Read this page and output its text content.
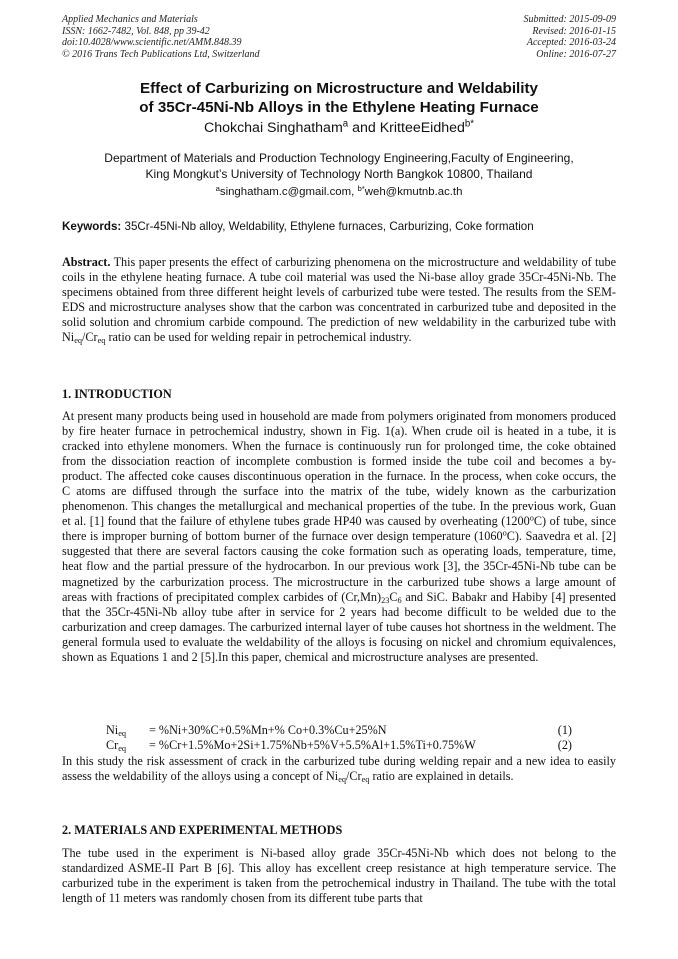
Applied Mechanics and Materials
ISSN: 1662-7482, Vol. 848, pp 39-42
doi:10.4028/www.scientific.net/AMM.848.39
© 2016 Trans Tech Publications Ltd, Switzerland
Submitted: 2015-09-09
Revised: 2016-01-15
Accepted: 2016-03-24
Online: 2016-07-27
Effect of Carburizing on Microstructure and Weldability
of 35Cr-45Ni-Nb Alloys in the Ethylene Heating Furnace
Chokchai Singhatham$^a$ and KritteeEidhed$^{b*}$
Department of Materials and Production Technology Engineering,Faculty of Engineering,
King Mongkut’s University of Technology North Bangkok 10800, Thailand
$^a$singhatham.c@gmail.com, $^{b*}$weh@kmutnb.ac.th
Keywords: 35Cr-45Ni-Nb alloy, Weldability, Ethylene furnaces, Carburizing, Coke formation
Abstract. This paper presents the effect of carburizing phenomena on the microstructure and weldability of tube coils in the ethylene heating furnace. A tube coil material was used the Ni-base alloy grade 35Cr-45Ni-Nb. The specimens obtained from three different height levels of carburized tube were tested. The results from the SEM-EDS and microstructure analyses show that the carbon was concentrated in carburized tube and deposited in the solid solution and chromium carbide compound. The prediction of new weldability in the carburized tube with $Ni_{eq}/Cr_{eq}$ ratio can be used for welding repair in petrochemical industry.
1. INTRODUCTION
At present many products being used in household are made from polymers originated from monomers produced by fire heater furnace in petrochemical industry, shown in Fig. 1(a). When crude oil is heated in a tube, it is cracked into ethylene monomers. When the furnace is continuously run for prolonged time, the coke obtained from the dissociation reaction of incomplete combustion is formed inside the tube coil and becomes a by-product. The affected coke causes discontinuous operation in the furnace. In the process, when coke occurs, the C atoms are diffused through the surface into the matrix of the tube, widely known as the carburization phenomenon. This changes the metallurgical and mechanical properties of the tube. In the previous work, Guan et al. [1] found that the failure of ethylene tubes grade HP40 was caused by overheating (1200$^o$C) of tube, since there is improper burning of bottom burner of the furnace over design temperature (1060$^o$C). Saavedra et al. [2] suggested that there are several factors causing the coke formation such as operating loads, temperature, time, heat flow and the partial pressure of the hydrocarbon. In our previous work [3], the 35Cr-45Ni-Nb tube can be magnetized by the carburization process. The microstructure in the carburized tube shows a large amount of areas with fractions of precipitated complex carbides of $(Cr,Mn)_{23}C_6$ and SiC. Babakr and Habiby [4] presented that the 35Cr-45Ni-Nb alloy tube after in service for 2 years had become difficult to be welded due to the carburization and creep damages. The carburized internal layer of tube causes hot shortness in the weldment. The general formula used to evaluate the weldability of the alloys is focusing on nickel and chromium equivalences, shown as Equations 1 and 2 [5].In this paper, chemical and microstructure analyses are presented.
$Ni_{eq} = \%Ni+30\%C+0.5\%Mn+\%$ Co+0.3%Cu+25%N	(1)
$Cr_{eq} = \%Cr+1.5\%Mo+2Si+1.75\%Nb+5\%V+5.5\%Al+1.5\%Ti+0.75\%W$	(2)
In this study the risk assessment of crack in the carburized tube during welding repair and a new idea to easily assess the weldability of the alloys using a concept of $Ni_{eq}/Cr_{eq}$ ratio are explained in details.
2. MATERIALS AND EXPERIMENTAL METHODS
The tube used in the experiment is Ni-based alloy grade 35Cr-45Ni-Nb which does not belong to the standardized ASME-II Part B [6]. This alloy has excellent creep resistance at high temperature service. The carburized tube in the experiment is taken from the petrochemical industry in Thailand. The tube with the total length of 11 meters was randomly chosen from its different tube parts that
